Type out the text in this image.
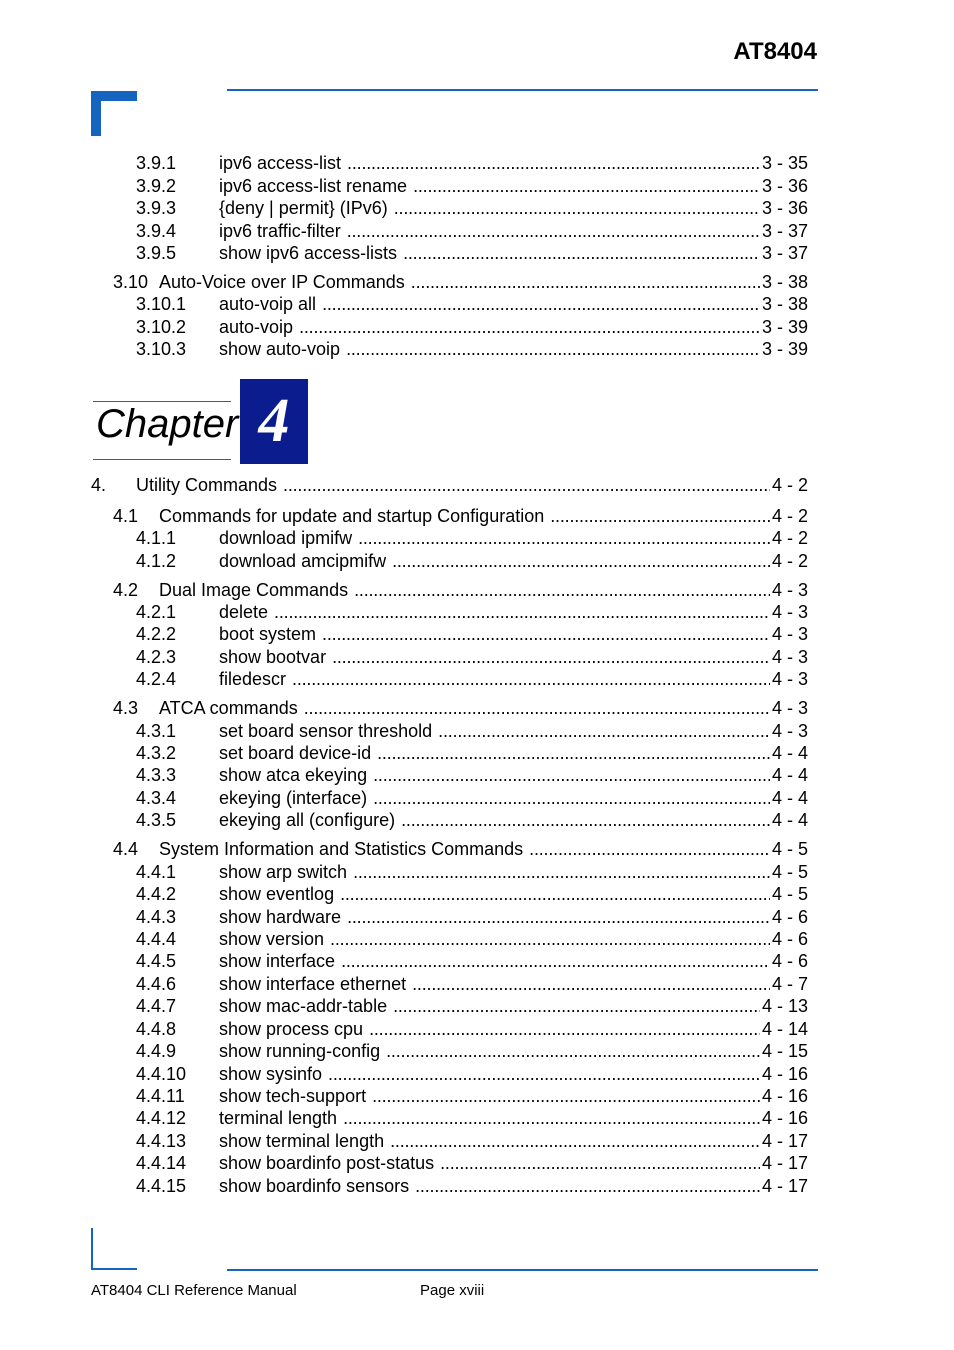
AT8404
3.9.1	ipv6 access-list . . .	3 - 35
3.9.2	ipv6 access-list rename . . .	3 - 36
3.9.3	{deny | permit} (IPv6) . . .	3 - 36
3.9.4	ipv6 traffic-filter . . .	3 - 37
3.9.5	show ipv6 access-lists . . .	3 - 37
3.10 Auto-Voice over IP Commands . . .	3 - 38
3.10.1	auto-voip all . . .	3 - 38
3.10.2	auto-voip . . .	3 - 39
3.10.3	show auto-voip . . .	3 - 39
Chapter 4
4.	Utility Commands . . .	4 - 2
4.1	Commands for update and startup Configuration . . .	4 - 2
4.1.1	download ipmifw . . .	4 - 2
4.1.2	download amcipmifw . . .	4 - 2
4.2	Dual Image Commands . . .	4 - 3
4.2.1	delete . . .	4 - 3
4.2.2	boot system . . .	4 - 3
4.2.3	show bootvar . . .	4 - 3
4.2.4	filedescr . . .	4 - 3
4.3	ATCA commands . . .	4 - 3
4.3.1	set board sensor threshold . . .	4 - 3
4.3.2	set board device-id . . .	4 - 4
4.3.3	show atca ekeying . . .	4 - 4
4.3.4	ekeying (interface) . . .	4 - 4
4.3.5	ekeying all (configure) . . .	4 - 4
4.4	System Information and Statistics Commands . . .	4 - 5
4.4.1	show arp switch . . .	4 - 5
4.4.2	show eventlog . . .	4 - 5
4.4.3	show hardware . . .	4 - 6
4.4.4	show version . . .	4 - 6
4.4.5	show interface . . .	4 - 6
4.4.6	show interface ethernet . . .	4 - 7
4.4.7	show mac-addr-table . . .	4 - 13
4.4.8	show process cpu . . .	4 - 14
4.4.9	show running-config . . .	4 - 15
4.4.10	show sysinfo . . .	4 - 16
4.4.11	show tech-support . . .	4 - 16
4.4.12	terminal length . . .	4 - 16
4.4.13	show terminal length . . .	4 - 17
4.4.14	show boardinfo post-status . . .	4 - 17
4.4.15	show boardinfo sensors . . .	4 - 17
AT8404 CLI Reference Manual	Page xviii
